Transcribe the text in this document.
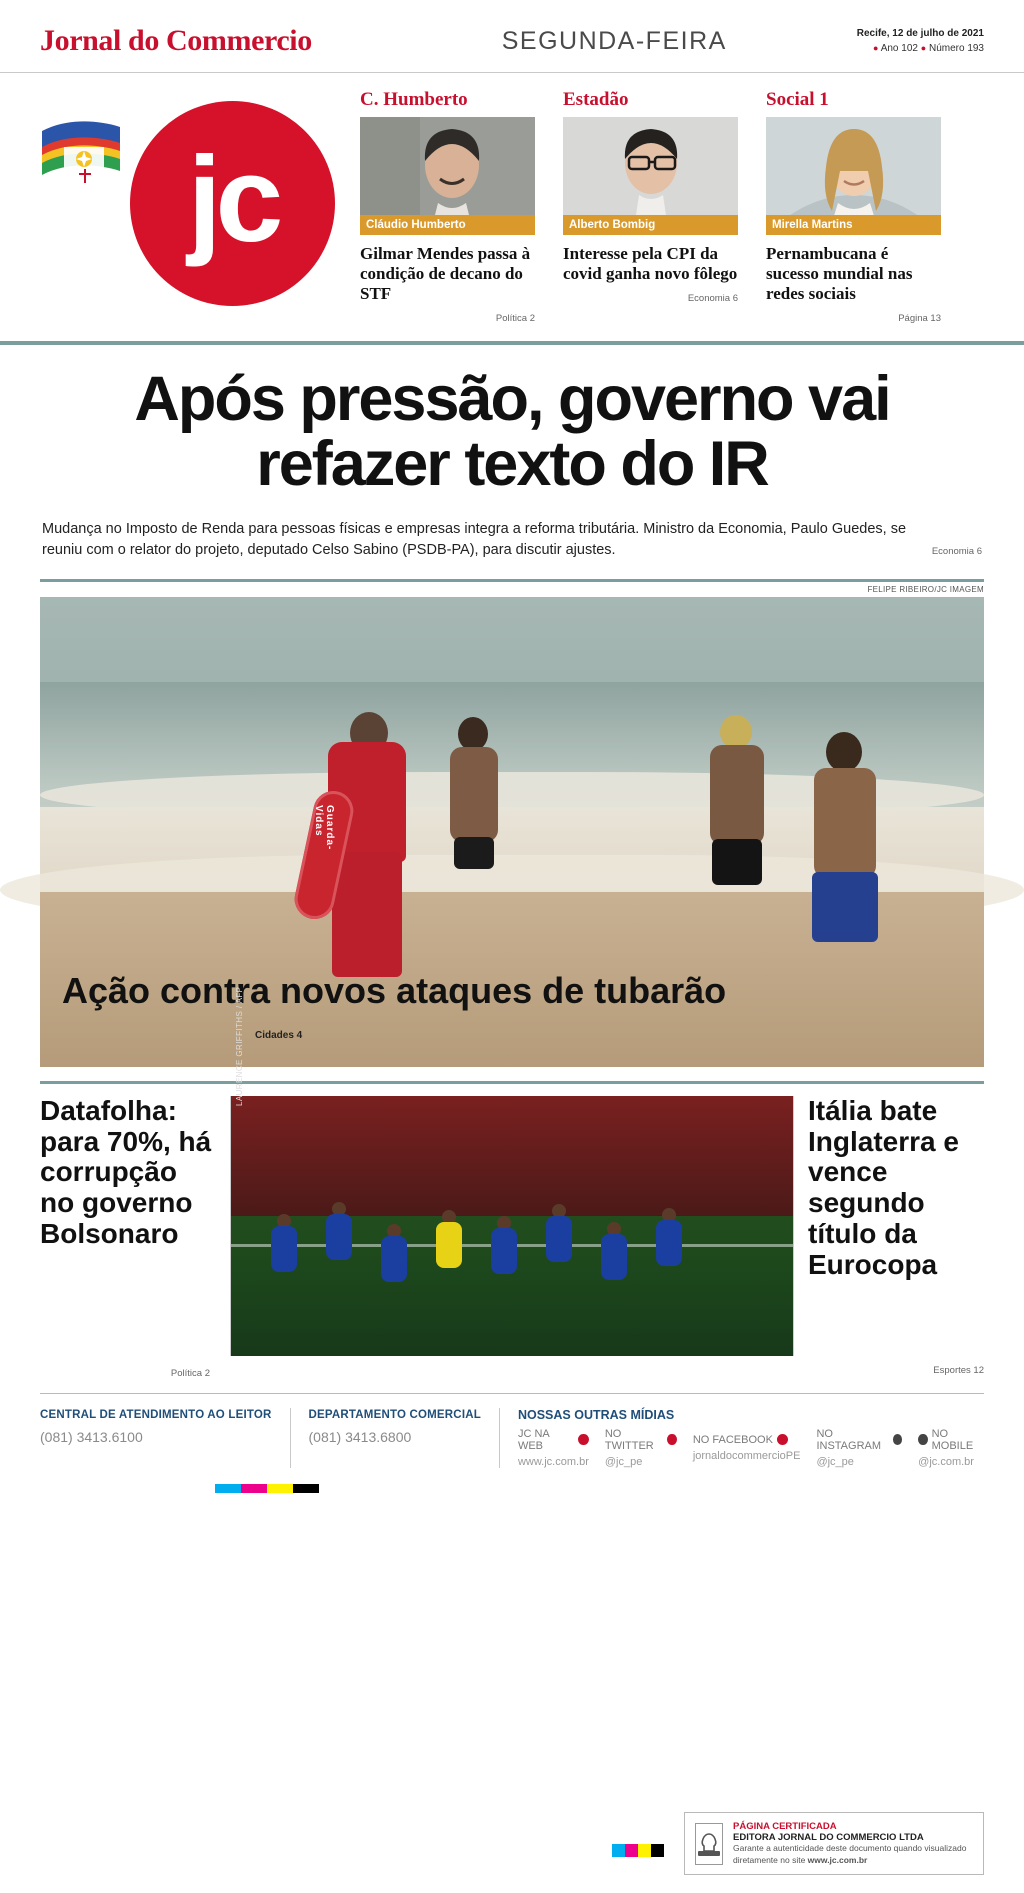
Jornal do Commercio	SEGUNDA-FEIRA	Recife, 12 de julho de 2021
● Ano 102 ● Número 193
jc
C. Humberto
Cláudio Humberto
Gilmar Mendes passa à condição de decano do STF
Política 2
Estadão
Alberto Bombig
Interesse pela CPI da covid ganha novo fôlego
Economia 6
Social 1
Mirella Martins
Pernambucana é sucesso mundial nas redes sociais
Página 13
Após pressão, governo vai refazer texto do IR

Mudança no Imposto de Renda para pessoas físicas e empresas integra a reforma tributária. Ministro da Economia, Paulo Guedes, se reuniu com o relator do projeto, deputado Celso Sabino (PSDB-PA), para discutir ajustes.	Economia 6
FELIPE RIBEIRO/JC IMAGEM
Guarda-Vidas
Ação contra novos ataques de tubarão
Cidades 4
Datafolha: para 70%, há corrupção no governo Bolsonaro
Política 2
LAURENCE GRIFFITHS / AFP
Itália bate Inglaterra e vence segundo título da Eurocopa
Esportes 12
CENTRAL DE ATENDIMENTO AO LEITOR
(081) 3413.6100
DEPARTAMENTO COMERCIAL
(081) 3413.6800
NOSSAS OUTRAS MÍDIAS
JC NA WEB
www.jc.com.br
NO TWITTER
@jc_pe
NO FACEBOOK
jornaldocommercioPE
NO INSTAGRAM
@jc_pe
NO MOBILE
@jc.com.br
PÁGINA CERTIFICADA
EDITORA JORNAL DO COMMERCIO LTDA
Garante a autenticidade deste documento quando visualizado diretamente no site www.jc.com.br
